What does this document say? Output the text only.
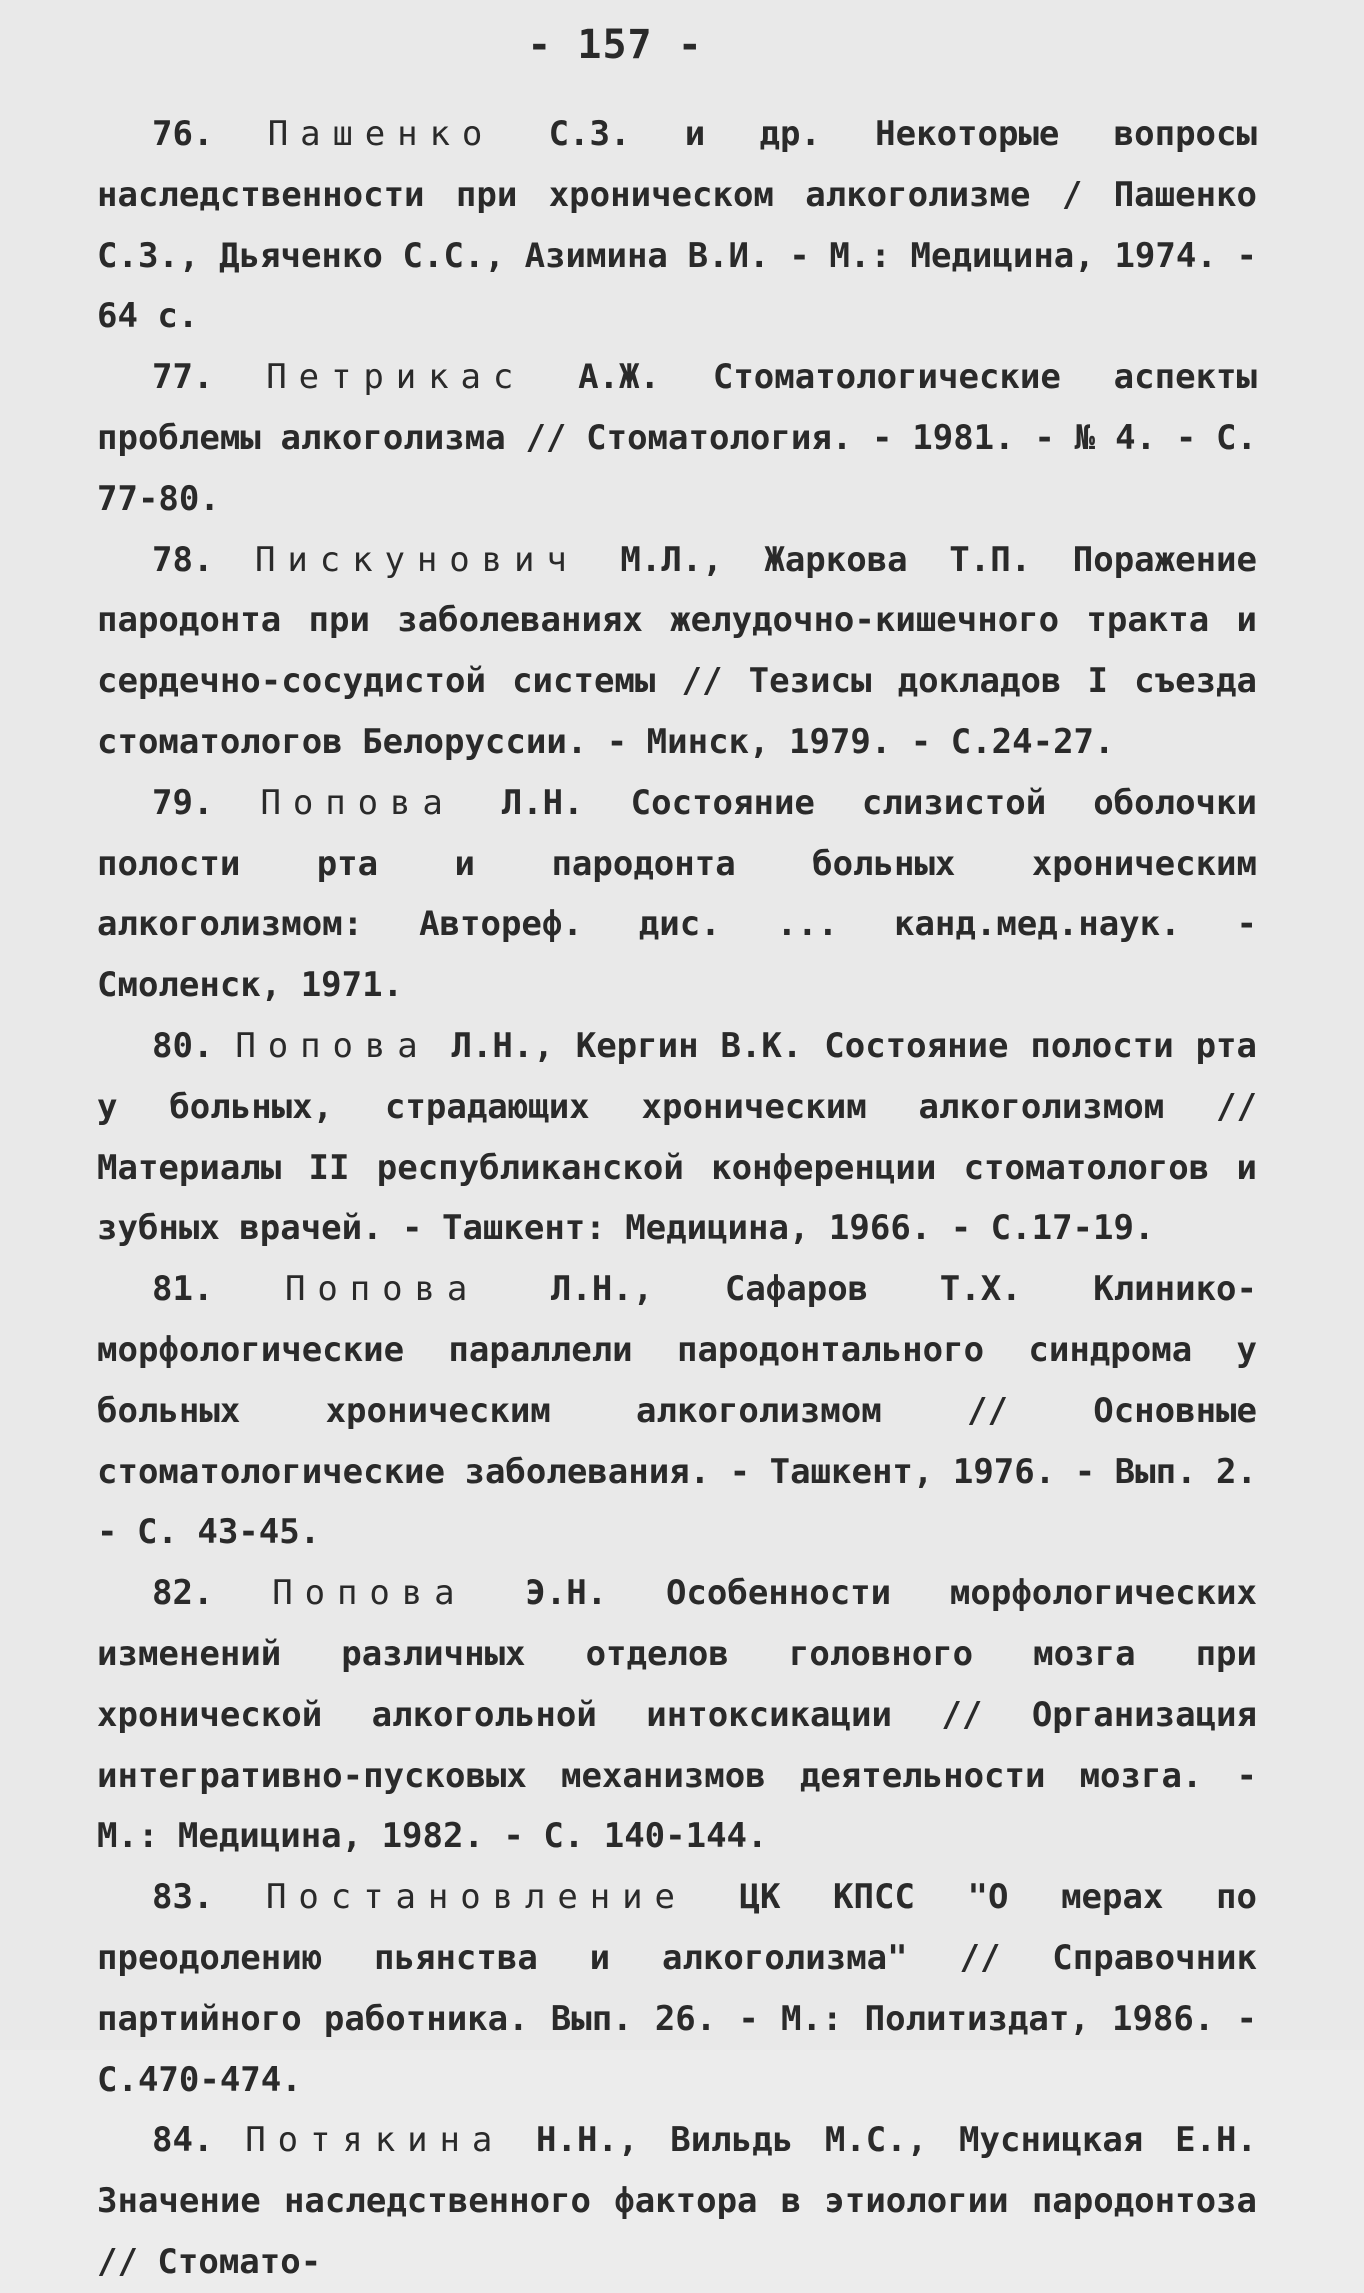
- 157 -

76. Пашенко С.З. и др. Некоторые вопросы наследственности при хроническом алкоголизме / Пашенко С.З., Дьяченко С.С., Азимина В.И. - М.: Медицина, 1974. - 64 с.

77. Петрикас А.Ж. Стоматологические аспекты проблемы алкоголизма // Стоматология. - 1981. - № 4. - С. 77-80.

78. Пискунович М.Л., Жаркова Т.П. Поражение пародонта при заболеваниях желудочно-кишечного тракта и сердечно-сосудистой системы // Тезисы докладов I съезда стоматологов Белоруссии. - Минск, 1979. - С.24-27.

79. Попова Л.Н. Состояние слизистой оболочки полости рта и пародонта больных хроническим алкоголизмом: Автореф. дис. ... канд.мед.наук. - Смоленск, 1971.

80. Попова Л.Н., Кергин В.К. Состояние полости рта у больных, страдающих хроническим алкоголизмом // Материалы II республиканской конференции стоматологов и зубных врачей. - Ташкент: Медицина, 1966. - С.17-19.

81. Попова Л.Н., Сафаров Т.Х. Клинико-морфологические параллели пародонтального синдрома у больных хроническим алкоголизмом // Основные стоматологические заболевания. - Ташкент, 1976. - Вып. 2. - С. 43-45.

82. Попова Э.Н. Особенности морфологических изменений различных отделов головного мозга при хронической алкогольной интоксикации // Организация интегративно-пусковых механизмов деятельности мозга. - М.: Медицина, 1982. - С. 140-144.

83. Постановление ЦК КПСС "О мерах по преодолению пьянства и алкоголизма" // Справочник партийного работника. Вып. 26. - М.: Политиздат, 1986. - С.470-474.

84. Потякина Н.Н., Вильдь М.С., Мусницкая Е.Н. Значение наследственного фактора в этиологии пародонтоза // Стомато-
